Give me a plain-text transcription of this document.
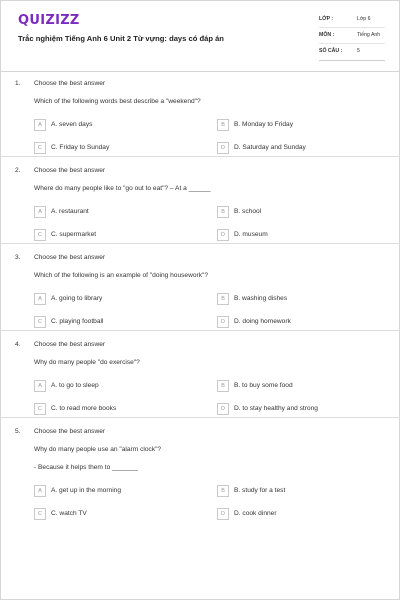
QUIZIZZ
Trắc nghiệm Tiếng Anh 6 Unit 2 Từ vựng: days có đáp án
LỚP :	Lớp 6
MÔN :	Tiếng Anh
SỐ CÂU :	5
1. Choose the best answer
Which of the following words best describe a "weekend"?
A	A. seven days	B	B. Monday to Friday
C	C. Friday to Sunday	D	D. Saturday and Sunday
2. Choose the best answer
Where do many people like to "go out to eat"? – At a ______
A	A. restaurant	B	B. school
C	C. supermarket	D	D. museum
3. Choose the best answer
Which of the following is an example of "doing housework"?
A	A. going to library	B	B. washing dishes
C	C. playing football	D	D. doing homework
4. Choose the best answer
Why do many people "do exercise"?
A	A. to go to sleep	B	B. to buy some food
C	C. to read more books	D	D. to stay healthy and strong
5. Choose the best answer
Why do many people use an "alarm clock"?
- Because it helps them to _______
A	A. get up in the morning	B	B. study for a test
C	C. watch TV	D	D. cook dinner
